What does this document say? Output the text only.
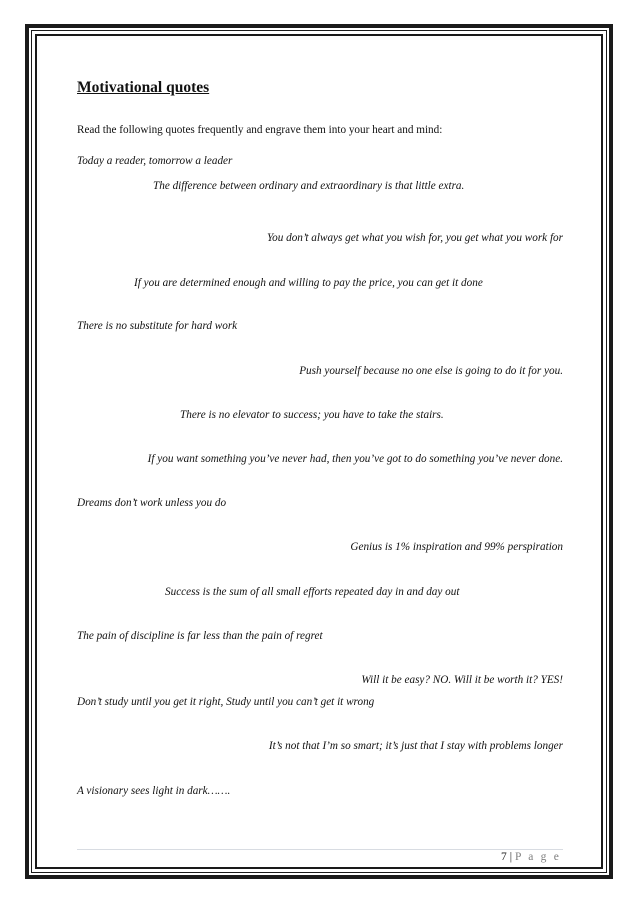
Motivational quotes
Read the following quotes frequently and engrave them into your heart and mind:
Today a reader, tomorrow a leader
The difference between ordinary and extraordinary is that little extra.
You don’t always get what you wish for, you get what you work for
If you are determined enough and willing to pay the price, you can get it done
There is no substitute for hard work
Push yourself because no one else is going to do it for you.
There is no elevator to success; you have to take the stairs.
If you want something you’ve never had, then you’ve got to do something you’ve never done.
Dreams don’t work unless you do
Genius is 1% inspiration and 99% perspiration
Success is the sum of all small efforts repeated day in and day out
The pain of discipline is far less than the pain of regret
Will it be easy? NO. Will it be worth it? YES!
Don’t study until you get it right, Study until you can’t get it wrong
It’s not that I’m so smart; it’s just that I stay with problems longer
A visionary sees light in dark…….
7 | P a g e
